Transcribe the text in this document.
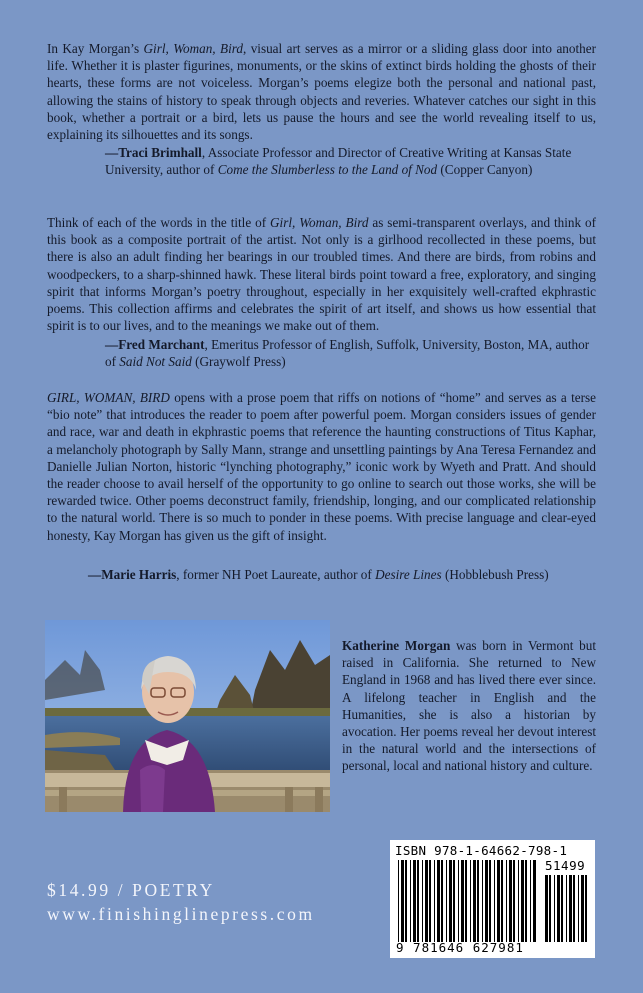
In Kay Morgan’s Girl, Woman, Bird, visual art serves as a mirror or a sliding glass door into another life. Whether it is plaster figurines, monuments, or the skins of extinct birds holding the ghosts of their hearts, these forms are not voiceless. Morgan’s poems elegize both the personal and national past, allowing the stains of history to speak through objects and reveries. Whatever catches our sight in this book, whether a portrait or a bird, lets us pause the hours and see the world revealing itself to us, explaining its silhouettes and its songs.

—Traci Brimhall, Associate Professor and Director of Creative Writing at Kansas State University, author of Come the Slumberless to the Land of Nod (Copper Canyon)

Think of each of the words in the title of Girl, Woman, Bird as semi-transparent overlays, and think of this book as a composite portrait of the artist. Not only is a girlhood recollected in these poems, but there is also an adult finding her bearings in our troubled times. And there are birds, from robins and woodpeckers, to a sharp-shinned hawk. These literal birds point toward a free, exploratory, and singing spirit that informs Morgan’s poetry throughout, especially in her exquisitely well-crafted ekphrastic poems. This collection affirms and celebrates the spirit of art itself, and shows us how essential that spirit is to our lives, and to the meanings we make out of them.

—Fred Marchant, Emeritus Professor of English, Suffolk, University, Boston, MA, author of Said Not Said (Graywolf Press)

GIRL, WOMAN, BIRD opens with a prose poem that riffs on notions of “home” and serves as a terse “bio note” that introduces the reader to poem after powerful poem. Morgan considers issues of gender and race, war and death in ekphrastic poems that reference the haunting constructions of Titus Kaphar, a melancholy photograph by Sally Mann, strange and unsettling paintings by Ana Teresa Fernandez and Danielle Julian Norton, historic “lynching photography,” iconic work by Wyeth and Pratt. And should the reader choose to avail herself of the opportunity to go online to search out those works, she will be rewarded twice. Other poems deconstruct family, friendship, longing, and our complicated relationship to the natural world. There is so much to ponder in these poems. With precise language and clear-eyed honesty, Kay Morgan has given us the gift of insight.

—Marie Harris, former NH Poet Laureate, author of Desire Lines (Hobblebush Press)

Katherine Morgan was born in Vermont but raised in California. She returned to New England in 1968 and has lived there ever since. A lifelong teacher in English and the Humanities, she is also a historian by avocation. Her poems reveal her devout interest in the natural world and the intersections of personal, local and national history and culture.

$14.99 / POETRY

www.finishinglinepress.com

ISBN 978-1-64662-798-1
51499
9 781646 627981
